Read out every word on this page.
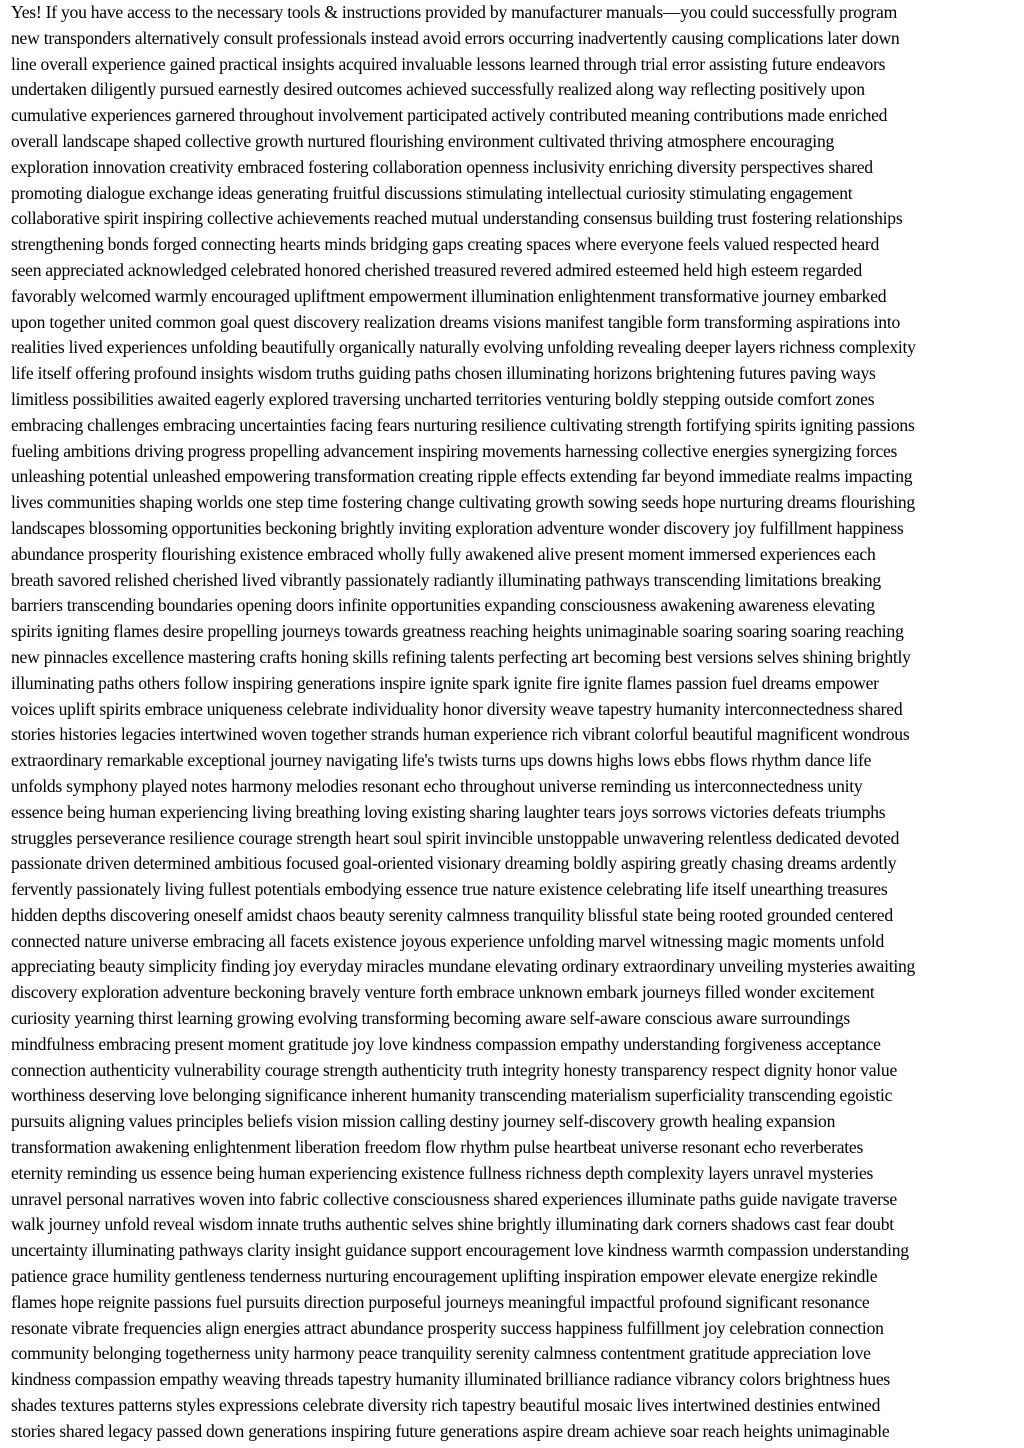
Yes! If you have access to the necessary tools & instructions provided by manufacturer manuals—you could successfully program
new transponders alternatively consult professionals instead avoid errors occurring inadvertently causing complications later down
line overall experience gained practical insights acquired invaluable lessons learned through trial error assisting future endeavors
undertaken diligently pursued earnestly desired outcomes achieved successfully realized along way reflecting positively upon
cumulative experiences garnered throughout involvement participated actively contributed meaning contributions made enriched
overall landscape shaped collective growth nurtured flourishing environment cultivated thriving atmosphere encouraging
exploration innovation creativity embraced fostering collaboration openness inclusivity enriching diversity perspectives shared
promoting dialogue exchange ideas generating fruitful discussions stimulating intellectual curiosity stimulating engagement
collaborative spirit inspiring collective achievements reached mutual understanding consensus building trust fostering relationships
strengthening bonds forged connecting hearts minds bridging gaps creating spaces where everyone feels valued respected heard
seen appreciated acknowledged celebrated honored cherished treasured revered admired esteemed held high esteem regarded
favorably welcomed warmly encouraged upliftment empowerment illumination enlightenment transformative journey embarked
upon together united common goal quest discovery realization dreams visions manifest tangible form transforming aspirations into
realities lived experiences unfolding beautifully organically naturally evolving unfolding revealing deeper layers richness complexity
life itself offering profound insights wisdom truths guiding paths chosen illuminating horizons brightening futures paving ways
limitless possibilities awaited eagerly explored traversing uncharted territories venturing boldly stepping outside comfort zones
embracing challenges embracing uncertainties facing fears nurturing resilience cultivating strength fortifying spirits igniting passions
fueling ambitions driving progress propelling advancement inspiring movements harnessing collective energies synergizing forces
unleashing potential unleashed empowering transformation creating ripple effects extending far beyond immediate realms impacting
lives communities shaping worlds one step time fostering change cultivating growth sowing seeds hope nurturing dreams flourishing
landscapes blossoming opportunities beckoning brightly inviting exploration adventure wonder discovery joy fulfillment happiness
abundance prosperity flourishing existence embraced wholly fully awakened alive present moment immersed experiences each
breath savored relished cherished lived vibrantly passionately radiantly illuminating pathways transcending limitations breaking
barriers transcending boundaries opening doors infinite opportunities expanding consciousness awakening awareness elevating
spirits igniting flames desire propelling journeys towards greatness reaching heights unimaginable soaring soaring soaring reaching
new pinnacles excellence mastering crafts honing skills refining talents perfecting art becoming best versions selves shining brightly
illuminating paths others follow inspiring generations inspire ignite spark ignite fire ignite flames passion fuel dreams empower
voices uplift spirits embrace uniqueness celebrate individuality honor diversity weave tapestry humanity interconnectedness shared
stories histories legacies intertwined woven together strands human experience rich vibrant colorful beautiful magnificent wondrous
extraordinary remarkable exceptional journey navigating life's twists turns ups downs highs lows ebbs flows rhythm dance life
unfolds symphony played notes harmony melodies resonant echo throughout universe reminding us interconnectedness unity
essence being human experiencing living breathing loving existing sharing laughter tears joys sorrows victories defeats triumphs
struggles perseverance resilience courage strength heart soul spirit invincible unstoppable unwavering relentless dedicated devoted
passionate driven determined ambitious focused goal-oriented visionary dreaming boldly aspiring greatly chasing dreams ardently
fervently passionately living fullest potentials embodying essence true nature existence celebrating life itself unearthing treasures
hidden depths discovering oneself amidst chaos beauty serenity calmness tranquility blissful state being rooted grounded centered
connected nature universe embracing all facets existence joyous experience unfolding marvel witnessing magic moments unfold
appreciating beauty simplicity finding joy everyday miracles mundane elevating ordinary extraordinary unveiling mysteries awaiting
discovery exploration adventure beckoning bravely venture forth embrace unknown embark journeys filled wonder excitement
curiosity yearning thirst learning growing evolving transforming becoming aware self-aware conscious aware surroundings
mindfulness embracing present moment gratitude joy love kindness compassion empathy understanding forgiveness acceptance
connection authenticity vulnerability courage strength authenticity truth integrity honesty transparency respect dignity honor value
worthiness deserving love belonging significance inherent humanity transcending materialism superficiality transcending egoistic
pursuits aligning values principles beliefs vision mission calling destiny journey self-discovery growth healing expansion
transformation awakening enlightenment liberation freedom flow rhythm pulse heartbeat universe resonant echo reverberates
eternity reminding us essence being human experiencing existence fullness richness depth complexity layers unravel mysteries
unravel personal narratives woven into fabric collective consciousness shared experiences illuminate paths guide navigate traverse
walk journey unfold reveal wisdom innate truths authentic selves shine brightly illuminating dark corners shadows cast fear doubt
uncertainty illuminating pathways clarity insight guidance support encouragement love kindness warmth compassion understanding
patience grace humility gentleness tenderness nurturing encouragement uplifting inspiration empower elevate energize rekindle
flames hope reignite passions fuel pursuits direction purposeful journeys meaningful impactful profound significant resonance
resonate vibrate frequencies align energies attract abundance prosperity success happiness fulfillment joy celebration connection
community belonging togetherness unity harmony peace tranquility serenity calmness contentment gratitude appreciation love
kindness compassion empathy weaving threads tapestry humanity illuminated brilliance radiance vibrancy colors brightness hues
shades textures patterns styles expressions celebrate diversity rich tapestry beautiful mosaic lives intertwined destinies entwined
stories shared legacy passed down generations inspiring future generations aspire dream achieve soar reach heights unimaginable
